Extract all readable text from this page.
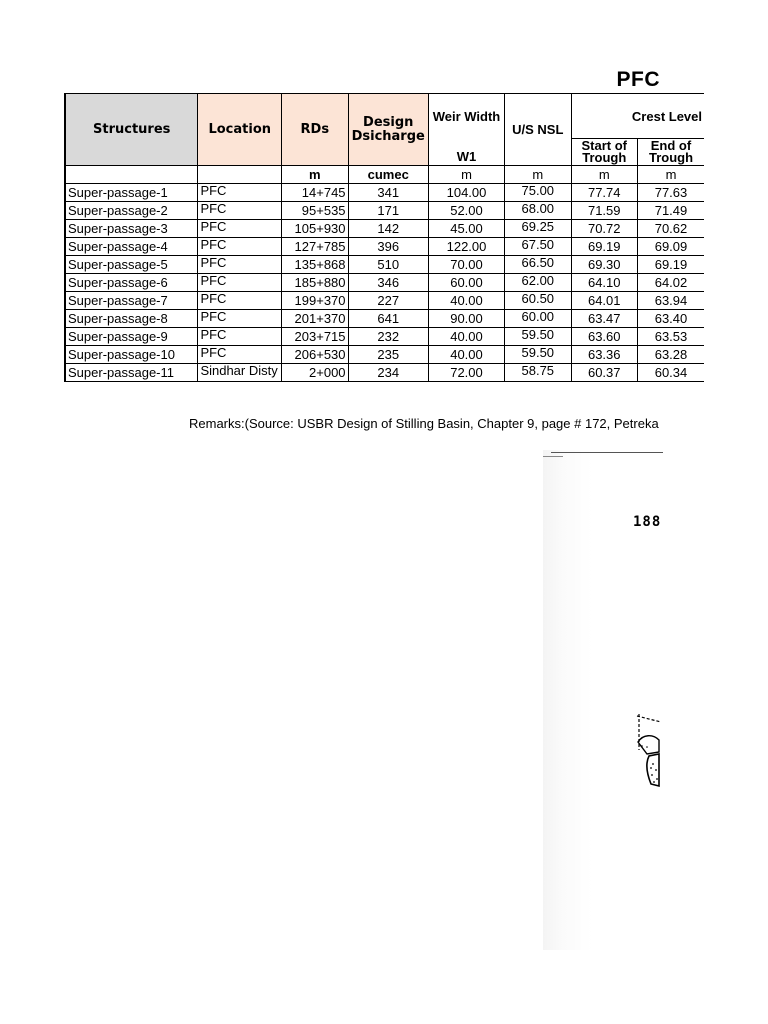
PFC
Structures	Location	RDs	Design Dsicharge	Weir Width	U/S NSL	Crest Level	
				W1		Start of Trough	End of Trough
		m	cumec	m	m	m	m
Super-passage-1	PFC	14+745	341	104.00	75.00	77.74	77.63
Super-passage-2	PFC	95+535	171	52.00	68.00	71.59	71.49
Super-passage-3	PFC	105+930	142	45.00	69.25	70.72	70.62
Super-passage-4	PFC	127+785	396	122.00	67.50	69.19	69.09
Super-passage-5	PFC	135+868	510	70.00	66.50	69.30	69.19
Super-passage-6	PFC	185+880	346	60.00	62.00	64.10	64.02
Super-passage-7	PFC	199+370	227	40.00	60.50	64.01	63.94
Super-passage-8	PFC	201+370	641	90.00	60.00	63.47	63.40
Super-passage-9	PFC	203+715	232	40.00	59.50	63.60	63.53
Super-passage-10	PFC	206+530	235	40.00	59.50	63.36	63.28
Super-passage-11	Sindhar Disty	2+000	234	72.00	58.75	60.37	60.34
Remarks:(Source: USBR Design of Stilling Basin, Chapter 9, page # 172, Petreka
188
